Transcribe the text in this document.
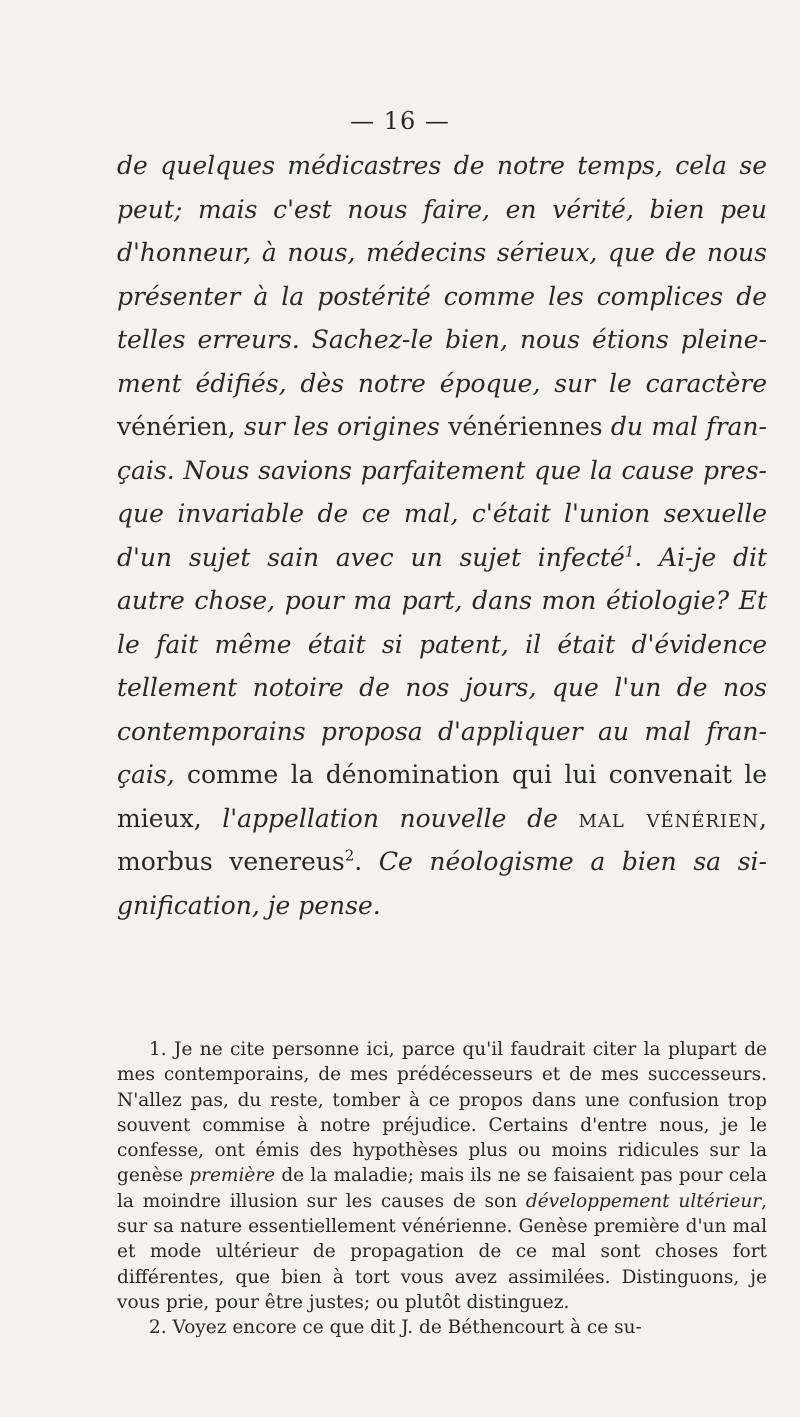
— 16 —

de quelques médicastres de notre temps, cela se peut; mais c'est nous faire, en vérité, bien peu d'honneur, à nous, médecins sérieux, que de nous présenter à la postérité comme les complices de telles erreurs. Sachez-le bien, nous étions pleinement édifiés, dès notre époque, sur le caractère vénérien, sur les origines vénériennes du mal français. Nous savions parfaitement que la cause presque invariable de ce mal, c'était l'union sexuelle d'un sujet sain avec un sujet infecté$^1$. Ai-je dit autre chose, pour ma part, dans mon étiologie? Et le fait même était si patent, il était d'évidence tellement notoire de nos jours, que l'un de nos contemporains proposa d'appliquer au mal français, comme la dénomination qui lui convenait le mieux, l'appellation nouvelle de mal vénérien, morbus venereus$^2$. Ce néologisme a bien sa signification, je pense.

1. Je ne cite personne ici, parce qu'il faudrait citer la plupart de mes contemporains, de mes prédécesseurs et de mes successeurs. N'allez pas, du reste, tomber à ce propos dans une confusion trop souvent commise à notre préjudice. Certains d'entre nous, je le confesse, ont émis des hypothèses plus ou moins ridicules sur la genèse première de la maladie; mais ils ne se faisaient pas pour cela la moindre illusion sur les causes de son développement ultérieur, sur sa nature essentiellement vénérienne. Genèse première d'un mal et mode ultérieur de propagation de ce mal sont choses fort différentes, que bien à tort vous avez assimilées. Distinguons, je vous prie, pour être justes; ou plutôt distinguez.

2. Voyez encore ce que dit J. de Béthencourt à ce su-
